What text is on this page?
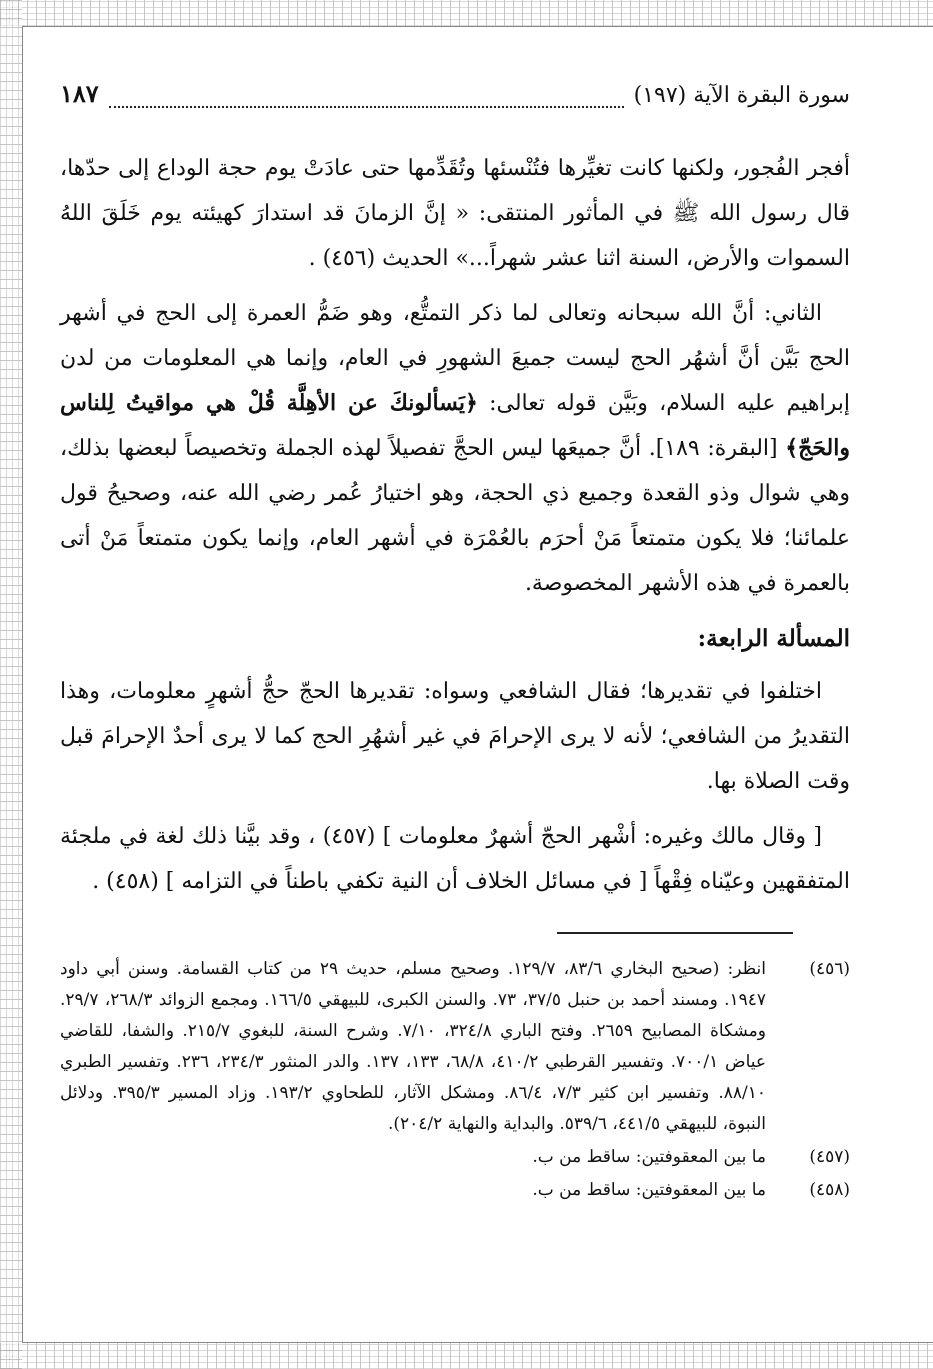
سورة البقرة الآية (١٩٧)
١٨٧

أفجر الفُجور، ولكنها كانت تغيِّرها فتُنْسئها وتُقَدِّمها حتى عادَتْ يوم حجة الوداع إلى حدّها، قال رسول الله ﷺ في المأثور المنتقى: « إنَّ الزمانَ قد استدارَ كهيئته يوم خَلَقَ اللهُ السموات والأرض، السنة اثنا عشر شهراً...» الحديث (٤٥٦) .

الثاني: أنَّ الله سبحانه وتعالى لما ذكر التمتُّع، وهو ضَمُّ العمرة إلى الحج في أشهر الحج بَيَّن أنَّ أشهُر الحج ليست جميعَ الشهورِ في العام، وإنما هي المعلومات من لدن إبراهيم عليه السلام، وبَيَّن قوله تعالى: ﴿يَسألونكَ عن الأهِلَّة قُلْ هي مواقيتُ لِلناس والحَجّ﴾ [البقرة: ١٨٩]. أنَّ جميعَها ليس الحجَّ تفصيلاً لهذه الجملة وتخصيصاً لبعضها بذلك، وهي شوال وذو القعدة وجميع ذي الحجة، وهو اختيارُ عُمر رضي الله عنه، وصحيحُ قول علمائنا؛ فلا يكون متمتعاً مَنْ أحرَم بالعُمْرَة في أشهر العام، وإنما يكون متمتعاً مَنْ أتى بالعمرة في هذه الأشهر المخصوصة.

المسألة الرابعة:

اختلفوا في تقديرها؛ فقال الشافعي وسواه: تقديرها الحجّ حجُّ أشهرٍ معلومات، وهذا التقديرُ من الشافعي؛ لأنه لا يرى الإحرامَ في غير أشهُرِ الحج كما لا يرى أحدٌ الإحرامَ قبل وقت الصلاة بها.

[ وقال مالك وغيره: أشْهر الحجّ أشهرٌ معلومات ] (٤٥٧) ، وقد بيَّنا ذلك لغة في ملجئة المتفقهين وعيّناه فِقْهاً [ في مسائل الخلاف أن النية تكفي باطناً في التزامه ] (٤٥٨) .

(٤٥٦)
انظر: (صحيح البخاري ٨٣/٦، ١٢٩/٧. وصحيح مسلم، حديث ٢٩ من كتاب القسامة. وسنن أبي داود ١٩٤٧. ومسند أحمد بن حنبل ٣٧/٥، ٧٣. والسنن الكبرى، للبيهقي ١٦٦/٥. ومجمع الزوائد ٢٦٨/٣، ٢٩/٧. ومشكاة المصابيح ٢٦٥٩. وفتح الباري ٣٢٤/٨، ٧/١٠. وشرح السنة، للبغوي ٢١٥/٧. والشفا، للقاضي عياض ٧٠٠/١. وتفسير القرطبي ٤١٠/٢، ٦٨/٨، ١٣٣، ١٣٧. والدر المنثور ٢٣٤/٣، ٢٣٦. وتفسير الطبري ٨٨/١٠. وتفسير ابن كثير ٧/٣، ٨٦/٤. ومشكل الآثار، للطحاوي ١٩٣/٢. وزاد المسير ٣٩٥/٣. ودلائل النبوة، للبيهقي ٤٤١/٥، ٥٣٩/٦. والبداية والنهاية ٢٠٤/٢).
(٤٥٧)
ما بين المعقوفتين: ساقط من ب.
(٤٥٨)
ما بين المعقوفتين: ساقط من ب.
